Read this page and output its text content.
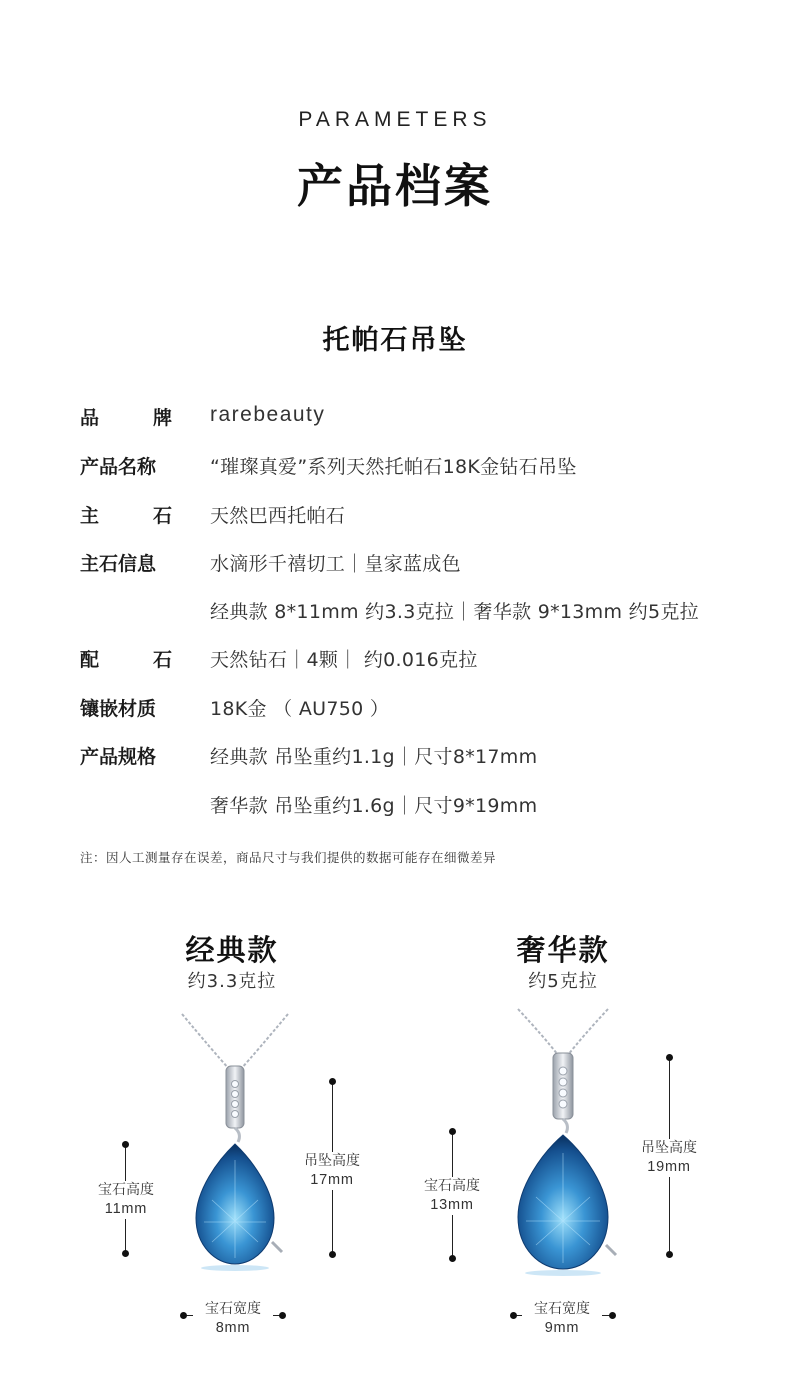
PARAMETERS
产品档案
托帕石吊坠
品	牌 rarebeauty
产品名称	“璀璨真爱”系列天然托帕石18K金钻石吊坠
主	石 天然巴西托帕石
主石信息	水滴形千禧切工｜皇家蓝成色
经典款 8*11mm 约3.3克拉｜奢华款 9*13mm 约5克拉
配	石 天然钻石｜4颗｜ 约0.016克拉
镶嵌材质	18K金 （ AU750 ）
产品规格	经典款 吊坠重约1.1g｜尺寸8*17mm
奢华款 吊坠重约1.6g｜尺寸9*19mm
注：因人工测量存在误差，商品尺寸与我们提供的数据可能存在细微差异
经典款
约3.3克拉
宝石高度
11mm
吊坠高度
17mm
宝石宽度
8mm
奢华款
约5克拉
宝石高度
13mm
吊坠高度
19mm
宝石宽度
9mm
